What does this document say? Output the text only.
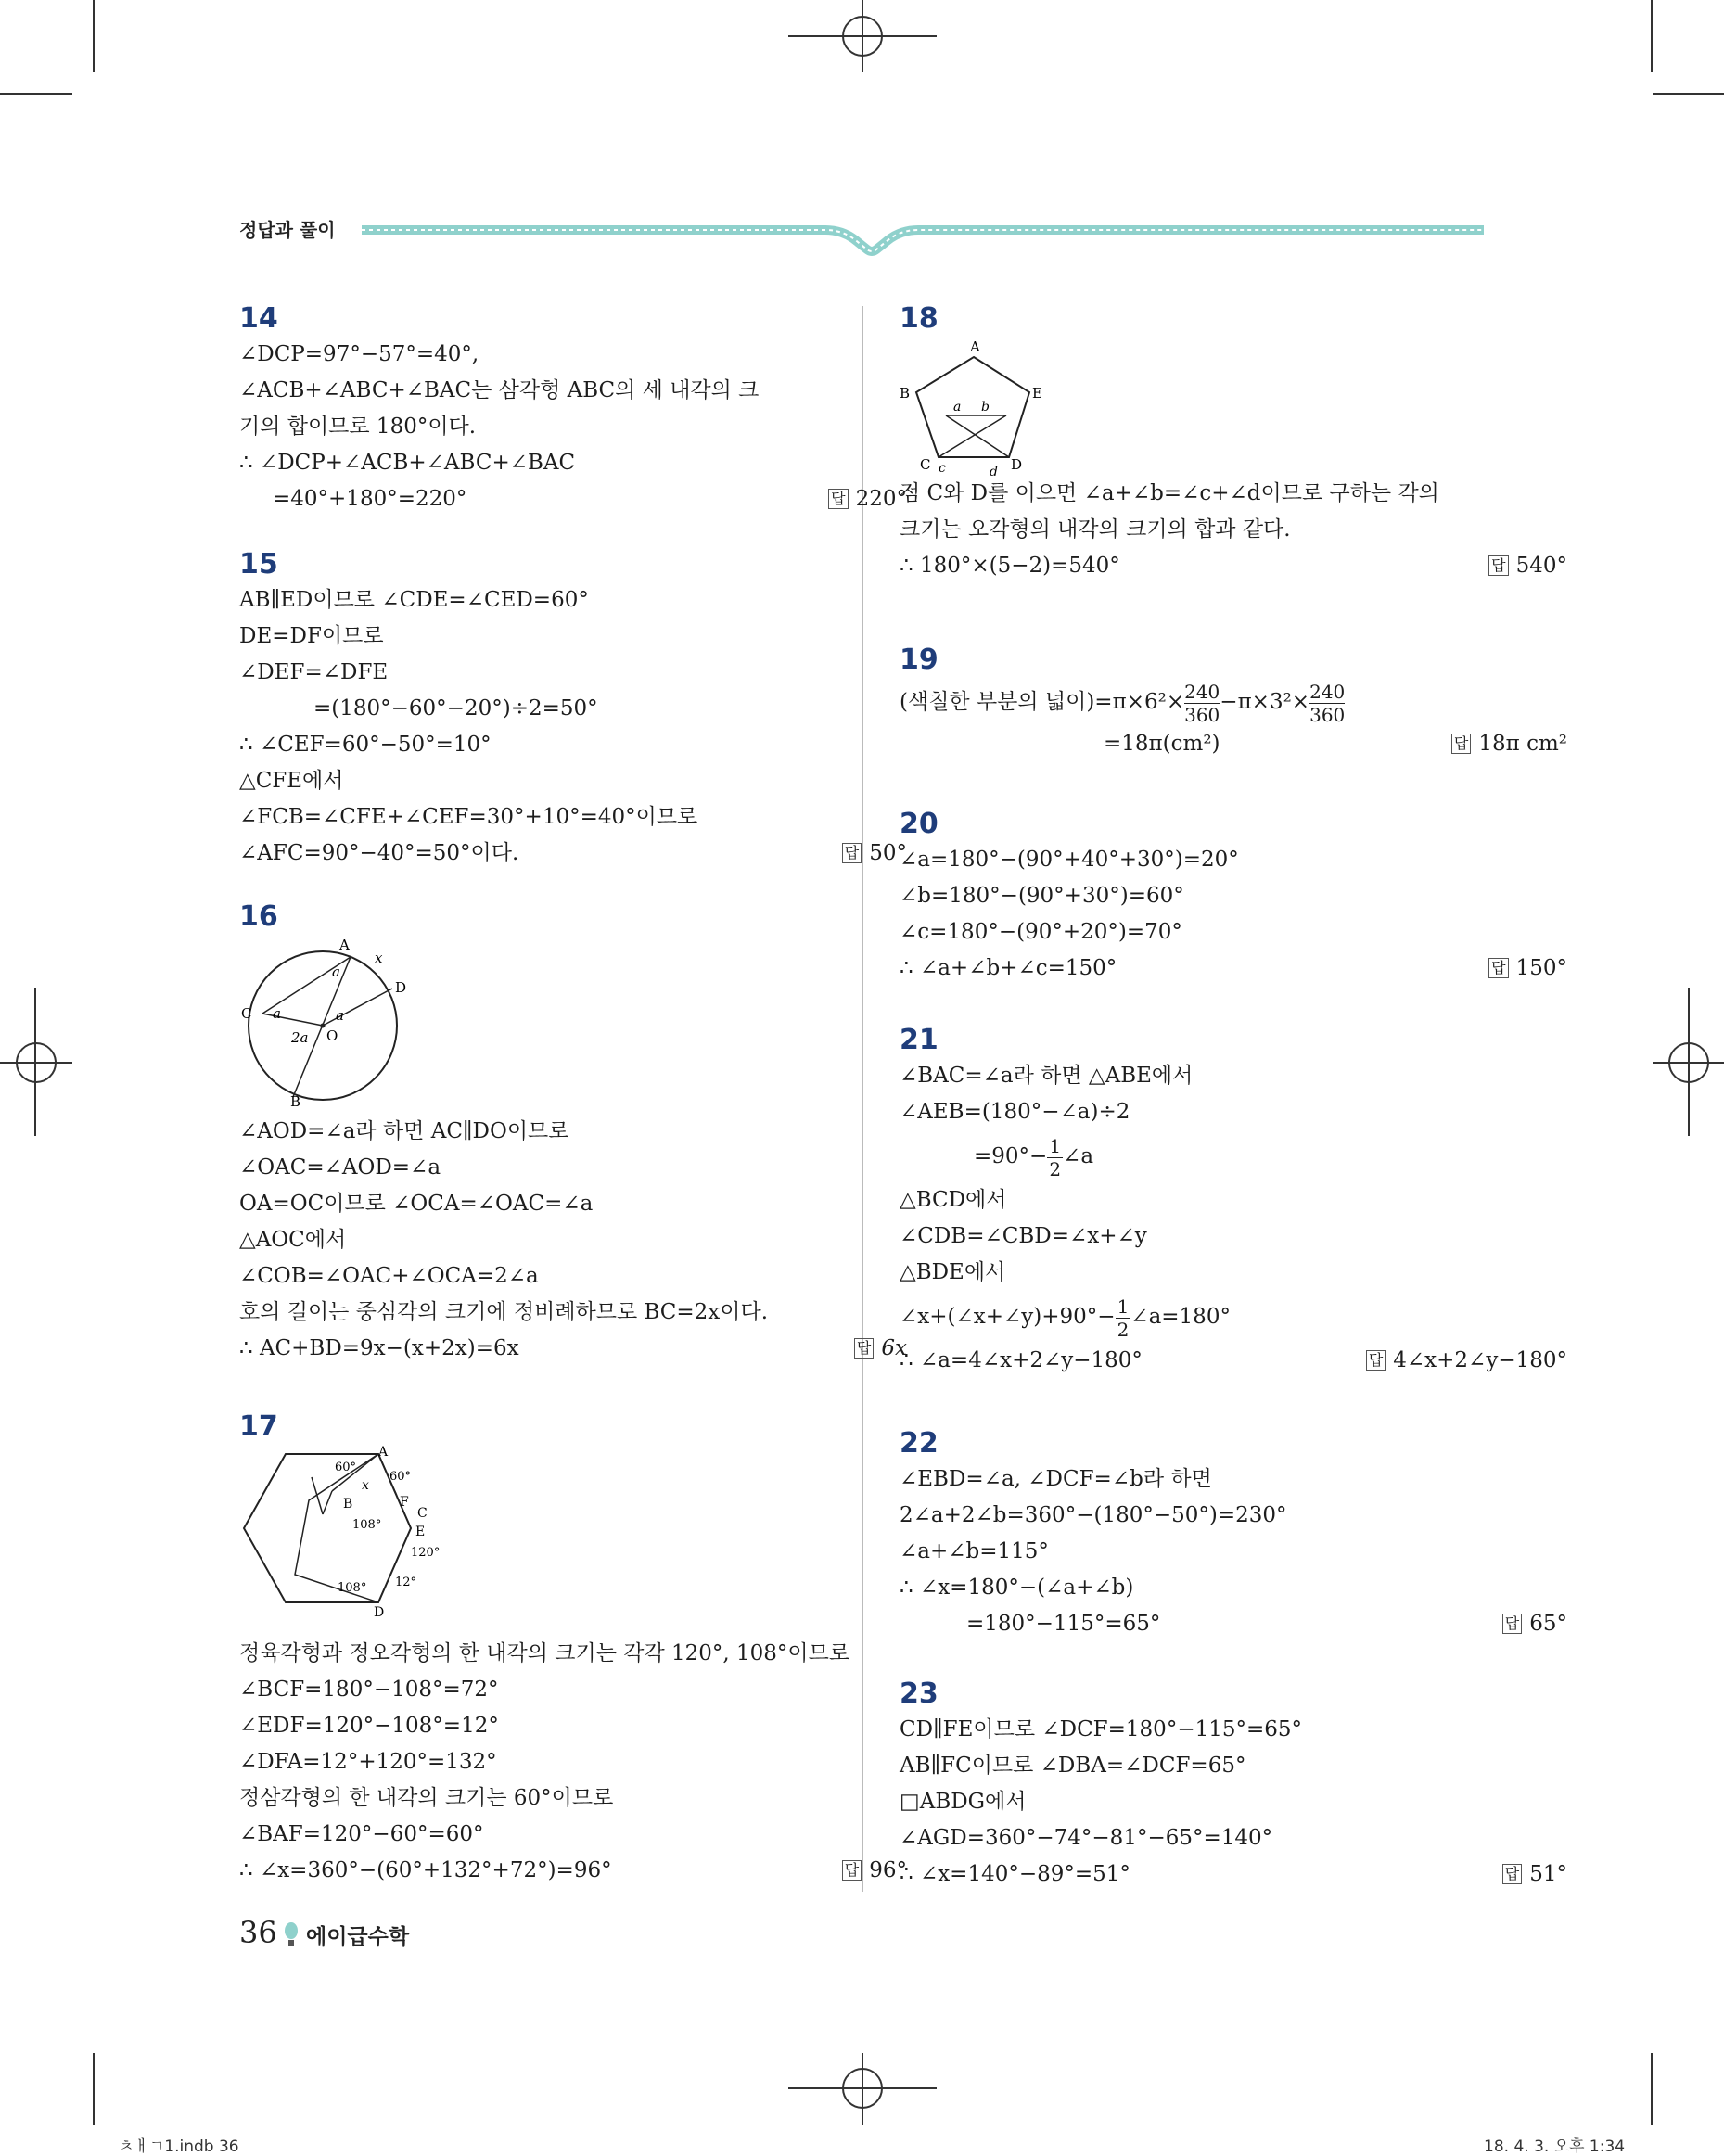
정답과 풀이
14
∠DCP=97°−57°=40°,
∠ACB+∠ABC+∠BAC는 삼각형 ABC의 세 내각의 크
기의 합이므로 180°이다.
∴ ∠DCP+∠ACB+∠ABC+∠BAC
=40°+180°=220°	답 220°
15
AB∥ED이므로 ∠CDE=∠CED=60°
DE=DF이므로
∠DEF=∠DFE
=(180°−60°−20°)÷2=50°
∴ ∠CEF=60°−50°=10°
△CFE에서
∠FCB=∠CFE+∠CEF=30°+10°=40°이므로
∠AFC=90°−40°=50°이다.	답 50°
16
A
B
C
D
O
x
a
a	a
2a
∠AOD=∠a라 하면 AC∥DO이므로
∠OAC=∠AOD=∠a
OA=OC이므로 ∠OCA=∠OAC=∠a
△AOC에서
∠COB=∠OAC+∠OCA=2∠a
호의 길이는 중심각의 크기에 정비례하므로 BC=2x이다.
∴ AC+BD=9x−(x+2x)=6x	답 6x
17
A
B
C
D
E
F
x
60°
60°
108°
108°
120°
12°
정육각형과 정오각형의 한 내각의 크기는 각각 120°, 108°이므로
∠BCF=180°−108°=72°
∠EDF=120°−108°=12°
∠DFA=12°+120°=132°
정삼각형의 한 내각의 크기는 60°이므로
∠BAF=120°−60°=60°
∴ ∠x=360°−(60°+132°+72°)=96°	답 96°
18
A
B
C	D
E
a b
c	d
점 C와 D를 이으면 ∠a+∠b=∠c+∠d이므로 구하는 각의
크기는 오각형의 내각의 크기의 합과 같다.
∴ 180°×(5−2)=540°	답 540°
19
(색칠한 부분의 넓이)$=\pi\times 6^2\times \frac{240}{360} -\pi\times 3^2\times \frac{240}{360}$
=18π(cm²)	답 18π cm²
20
∠a=180°−(90°+40°+30°)=20°
∠b=180°−(90°+30°)=60°
∠c=180°−(90°+20°)=70°
∴ ∠a+∠b+∠c=150°	답 150°
21
∠BAC=∠a라 하면 △ABE에서
∠AEB=(180°−∠a)÷2
$=90^\circ- \frac{1}{2}$ ∠a
△BCD에서
∠CDB=∠CBD=∠x+∠y
△BDE에서
∠x+(∠x+∠y)+90°− $\frac{1}{2}$ ∠a=180°
∴ ∠a=4∠x+2∠y−180°	답 4∠x+2∠y−180°
22
∠EBD=∠a, ∠DCF=∠b라 하면
2∠a+2∠b=360°−(180°−50°)=230°
∠a+∠b=115°
∴ ∠x=180°−(∠a+∠b)
=180°−115°=65°	답 65°
23
CD∥FE이므로 ∠DCF=180°−115°=65°
AB∥FC이므로 ∠DBA=∠DCF=65°
□ABDG에서
∠AGD=360°−74°−81°−65°=140°
∴ ∠x=140°−89°=51°	답 51°
36 에이급수학
ㅊㅐㄱ1.indb 36	18. 4. 3. 오후 1:34
